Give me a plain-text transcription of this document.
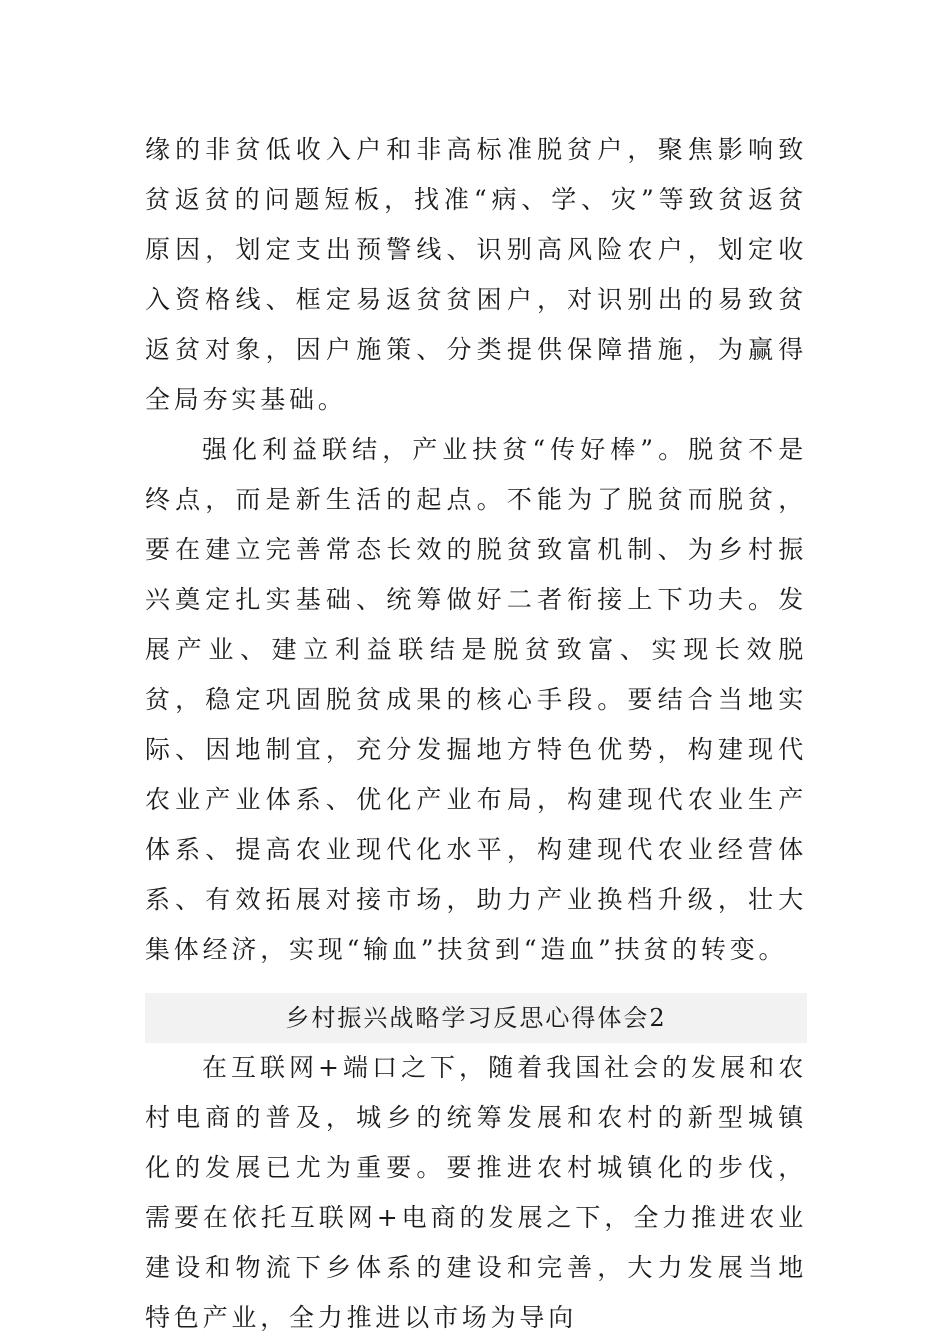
缘的非贫低收入户和非高标准脱贫户，聚焦影响致贫返贫的问题短板，找准“病、学、灾”等致贫返贫原因，划定支出预警线、识别高风险农户，划定收入资格线、框定易返贫贫困户，对识别出的易致贫返贫对象，因户施策、分类提供保障措施，为赢得全局夯实基础。

强化利益联结，产业扶贫“传好棒”。脱贫不是终点，而是新生活的起点。不能为了脱贫而脱贫，要在建立完善常态长效的脱贫致富机制、为乡村振兴奠定扎实基础、统筹做好二者衔接上下功夫。发展产业、建立利益联结是脱贫致富、实现长效脱贫，稳定巩固脱贫成果的核心手段。要结合当地实际、因地制宜，充分发掘地方特色优势，构建现代农业产业体系、优化产业布局，构建现代农业生产体系、提高农业现代化水平，构建现代农业经营体系、有效拓展对接市场，助力产业换档升级，壮大集体经济，实现“输血”扶贫到“造血”扶贫的转变。

乡村振兴战略学习反思心得体会2

在互联网+端口之下，随着我国社会的发展和农村电商的普及，城乡的统筹发展和农村的新型城镇化的发展已尤为重要。要推进农村城镇化的步伐，需要在依托互联网+电商的发展之下，全力推进农业建设和物流下乡体系的建设和完善，大力发展当地特色产业，全力推进以市场为导向
